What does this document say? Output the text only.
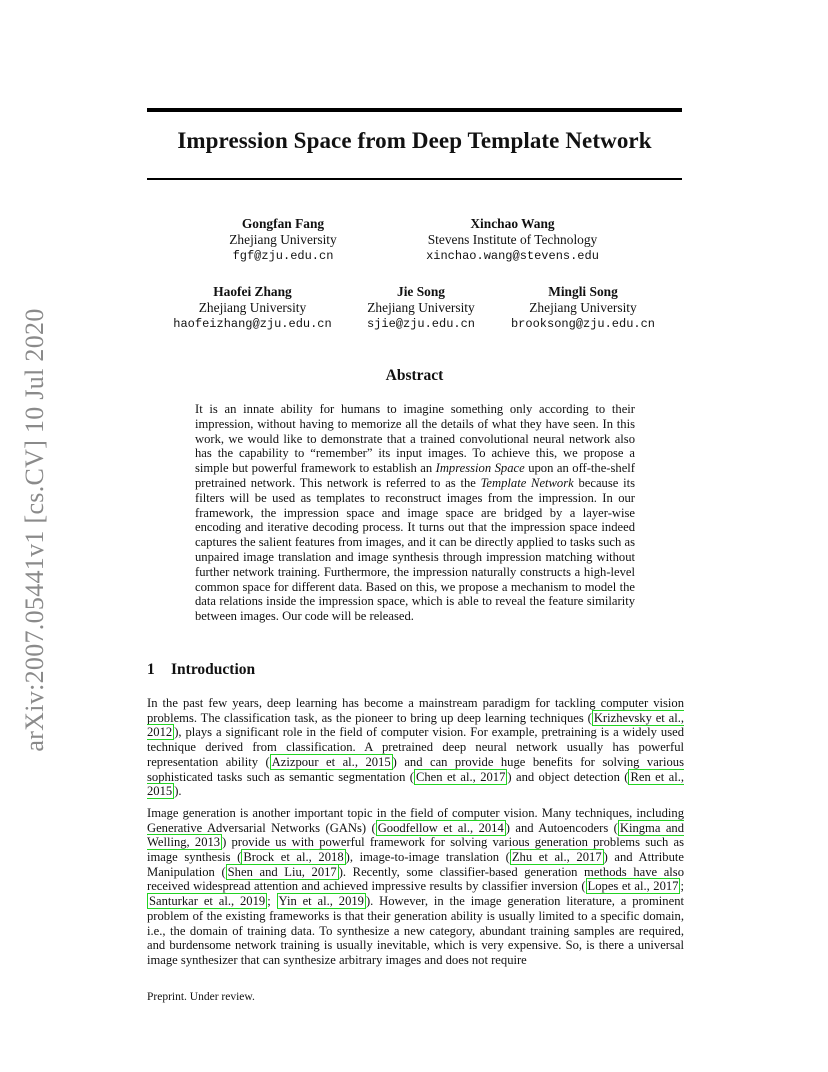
arXiv:2007.05441v1 [cs.CV] 10 Jul 2020
Impression Space from Deep Template Network
Gongfan Fang
Zhejiang University
fgf@zju.edu.cn
Xinchao Wang
Stevens Institute of Technology
xinchao.wang@stevens.edu
Haofei Zhang
Zhejiang University
haofeizhang@zju.edu.cn
Jie Song
Zhejiang University
sjie@zju.edu.cn
Mingli Song
Zhejiang University
brooksong@zju.edu.cn
Abstract

It is an innate ability for humans to imagine something only according to their impression, without having to memorize all the details of what they have seen. In this work, we would like to demonstrate that a trained convolutional neural network also has the capability to “remember” its input images. To achieve this, we propose a simple but powerful framework to establish an Impression Space upon an off-the-shelf pretrained network. This network is referred to as the Template Network because its filters will be used as templates to reconstruct images from the impression. In our framework, the impression space and image space are bridged by a layer-wise encoding and iterative decoding process. It turns out that the impression space indeed captures the salient features from images, and it can be directly applied to tasks such as unpaired image translation and image synthesis through impression matching without further network training. Furthermore, the impression naturally constructs a high-level common space for different data. Based on this, we propose a mechanism to model the data relations inside the impression space, which is able to reveal the feature similarity between images. Our code will be released.

1 Introduction

In the past few years, deep learning has become a mainstream paradigm for tackling computer vision problems. The classification task, as the pioneer to bring up deep learning techniques ( Krizhevsky et al., 2012 ), plays a significant role in the field of computer vision. For example, pretraining is a widely used technique derived from classification. A pretrained deep neural network usually has powerful representation ability ( Azizpour et al., 2015 ) and can provide huge benefits for solving various sophisticated tasks such as semantic segmentation ( Chen et al., 2017 ) and object detection ( Ren et al., 2015 ).

Image generation is another important topic in the field of computer vision. Many techniques, including Generative Adversarial Networks (GANs) ( Goodfellow et al., 2014 ) and Autoencoders ( Kingma and Welling, 2013 ) provide us with powerful framework for solving various generation problems such as image synthesis ( Brock et al., 2018 ), image-to-image translation ( Zhu et al., 2017 ) and Attribute Manipulation ( Shen and Liu, 2017 ). Recently, some classifier-based generation methods have also received widespread attention and achieved impressive results by classifier inversion ( Lopes et al., 2017 ; Santurkar et al., 2019 ; Yin et al., 2019 ). However, in the image generation literature, a prominent problem of the existing frameworks is that their generation ability is usually limited to a specific domain, i.e., the domain of training data. To synthesize a new category, abundant training samples are required, and burdensome network training is usually inevitable, which is very expensive. So, is there a universal image synthesizer that can synthesize arbitrary images and does not require

Preprint. Under review.
